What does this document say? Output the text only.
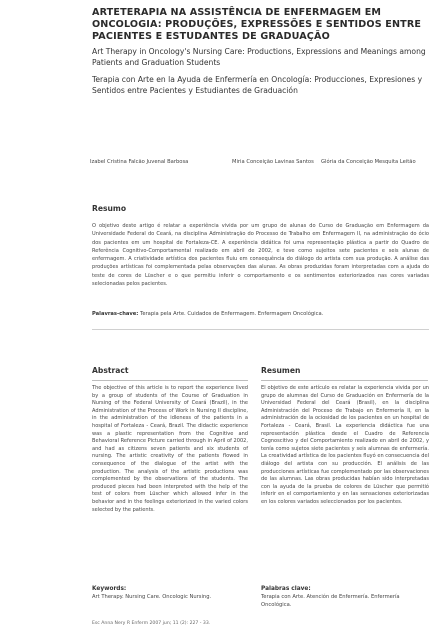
ARTETERAPIA NA ASSISTÊNCIA DE ENFERMAGEM EM ONCOLOGIA: PRODUÇÕES, EXPRESSÕES E SENTIDOS ENTRE PACIENTES E ESTUDANTES DE GRADUAÇÃO
Art Therapy in Oncology's Nursing Care: Productions, Expressions and Meanings among Patients and Graduation Students
Terapia con Arte en la Ayuda de Enfermería en Oncología: Producciones, Expresiones y Sentidos entre Pacientes y Estudiantes de Graduación
Izabel Cristina Falcão Juvenal Barbosa	Miria Conceição Lavinas Santos Glória da Conceição Mesquita Leitão
Resumo

O objetivo deste artigo é relatar a experiência vivida por um grupo de alunas do Curso de Graduação em Enfermagem da Universidade Federal do Ceará, na disciplina Administração do Processo de Trabalho em Enfermagem II, na administração do ócio dos pacientes em um hospital de Fortaleza-CE. A experiência didática foi uma representação plástica a partir do Quadro de Referência Cognitivo-Comportamental realizado em abril de 2002, e teve como sujeitos sete pacientes e seis alunas de enfermagem. A criatividade artística dos pacientes fluiu em consequência do diálogo do artista com sua produção. A análise das produções artísticas foi complementada pelas observações das alunas. As obras produzidas foram interpretadas com a ajuda do teste de cores de Lüscher e o que permitiu inferir o comportamento e os sentimentos exteriorizados nas cores variadas selecionadas pelos pacientes.

Palavras-chave: Terapia pela Arte. Cuidados de Enfermagem. Enfermagem Oncológica.

Abstract

The objective of this article is to report the experience lived by a group of students of the Course of Graduation in Nursing of the Federal University of Ceará (Brazil), in the Administration of the Process of Work in Nursing II discipline, in the administration of the idleness of the patients in a hospital of Fortaleza - Ceará, Brazil. The didactic experience was a plastic representation from the Cognitive and Behavioral Reference Picture carried through in April of 2002, and had as citizens seven patients and six students of nursing. The artistic creativity of the patients flowed in consequence of the dialogue of the artist with the production. The analysis of the artistic productions was complemented by the observations of the students. The produced pieces had been interpreted with the help of the test of colors from Lüscher which allowed infer in the behavior and in the feelings exteriorized in the varied colors selected by the patients.

Resumen

El objetivo de este artículo es relatar la experiencia vivida por un grupo de alumnas del Curso de Graduación en Enfermería de la Universidad Federal del Ceará (Brasil), en la disciplina Administración del Proceso de Trabajo en Enfermería II, en la administración de la ociosidad de los pacientes en un hospital de Fortaleza - Ceará, Brasil. La experiencia didáctica fue una representación plástica desde el Cuadro de Referencia Cognoscitivo y del Comportamiento realizado en abril de 2002, y tenía como sujetos siete pacientes y seis alumnas de enfermería. La creatividad artística de los pacientes fluyó en consecuencia del diálogo del artista con su producción. El análisis de las producciones artísticas fue complementado por las observaciones de las alumnas. Las obras producidas habían sido interpretadas con la ayuda de la prueba de colores de Lüscher que permitió inferir en el comportamiento y en las sensaciones exteriorizadas en los colores variados seleccionados por los pacientes.

Keywords:
Art Therapy. Nursing Care. Oncologic Nursing.
Palabras clave:
Terapia con Arte. Atención de Enfermería. Enfermería Oncológica.
Esc Anna Nery R Enferm 2007 jun; 11 (2): 227 - 33.
